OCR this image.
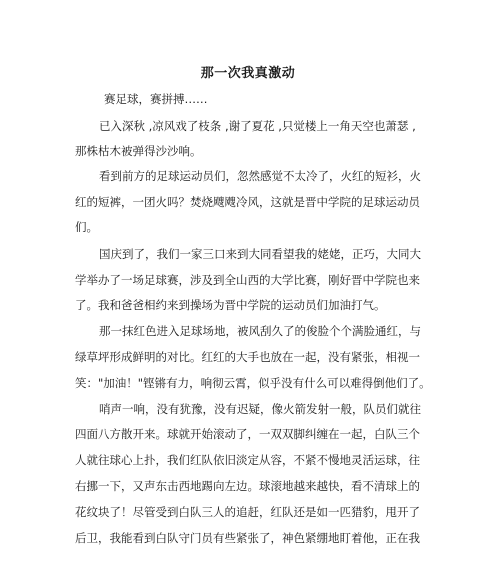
那一次我真激动
赛足球，赛拼搏……
已入深秋 ,凉风戏了枝条 ,谢了夏花 ,只觉楼上一角天空也萧瑟 ,
那株枯木被弹得沙沙响。
看到前方的足球运动员们，忽然感觉不太冷了，火红的短衫，火
红的短裤，一团火吗？焚烧飕飕冷风，这就是晋中学院的足球运动员
们。
国庆到了，我们一家三口来到大同看望我的姥姥，正巧，大同大
学举办了一场足球赛，涉及到全山西的大学比赛，刚好晋中学院也来
了。我和爸爸相约来到操场为晋中学院的运动员们加油打气。
那一抹红色进入足球场地，被风刮久了的俊脸个个满脸通红，与
绿草坪形成鲜明的对比。红红的大手也放在一起，没有紧张，相视一
笑："加油！"铿锵有力，响彻云霄，似乎没有什么可以难得倒他们了。
哨声一响，没有犹豫，没有迟疑，像火箭发射一般，队员们就往
四面八方散开来。球就开始滚动了，一双双脚纠缠在一起，白队三个
人就往球心上扑，我们红队依旧淡定从容，不紧不慢地灵活运球，往
右挪一下，又声东击西地踢向左边。球滚地越来越快，看不清球上的
花纹块了！尽管受到白队三人的追赶，红队还是如一匹猎豹，甩开了
后卫，我能看到白队守门员有些紧张了，神色紧绷地盯着他，正在我
